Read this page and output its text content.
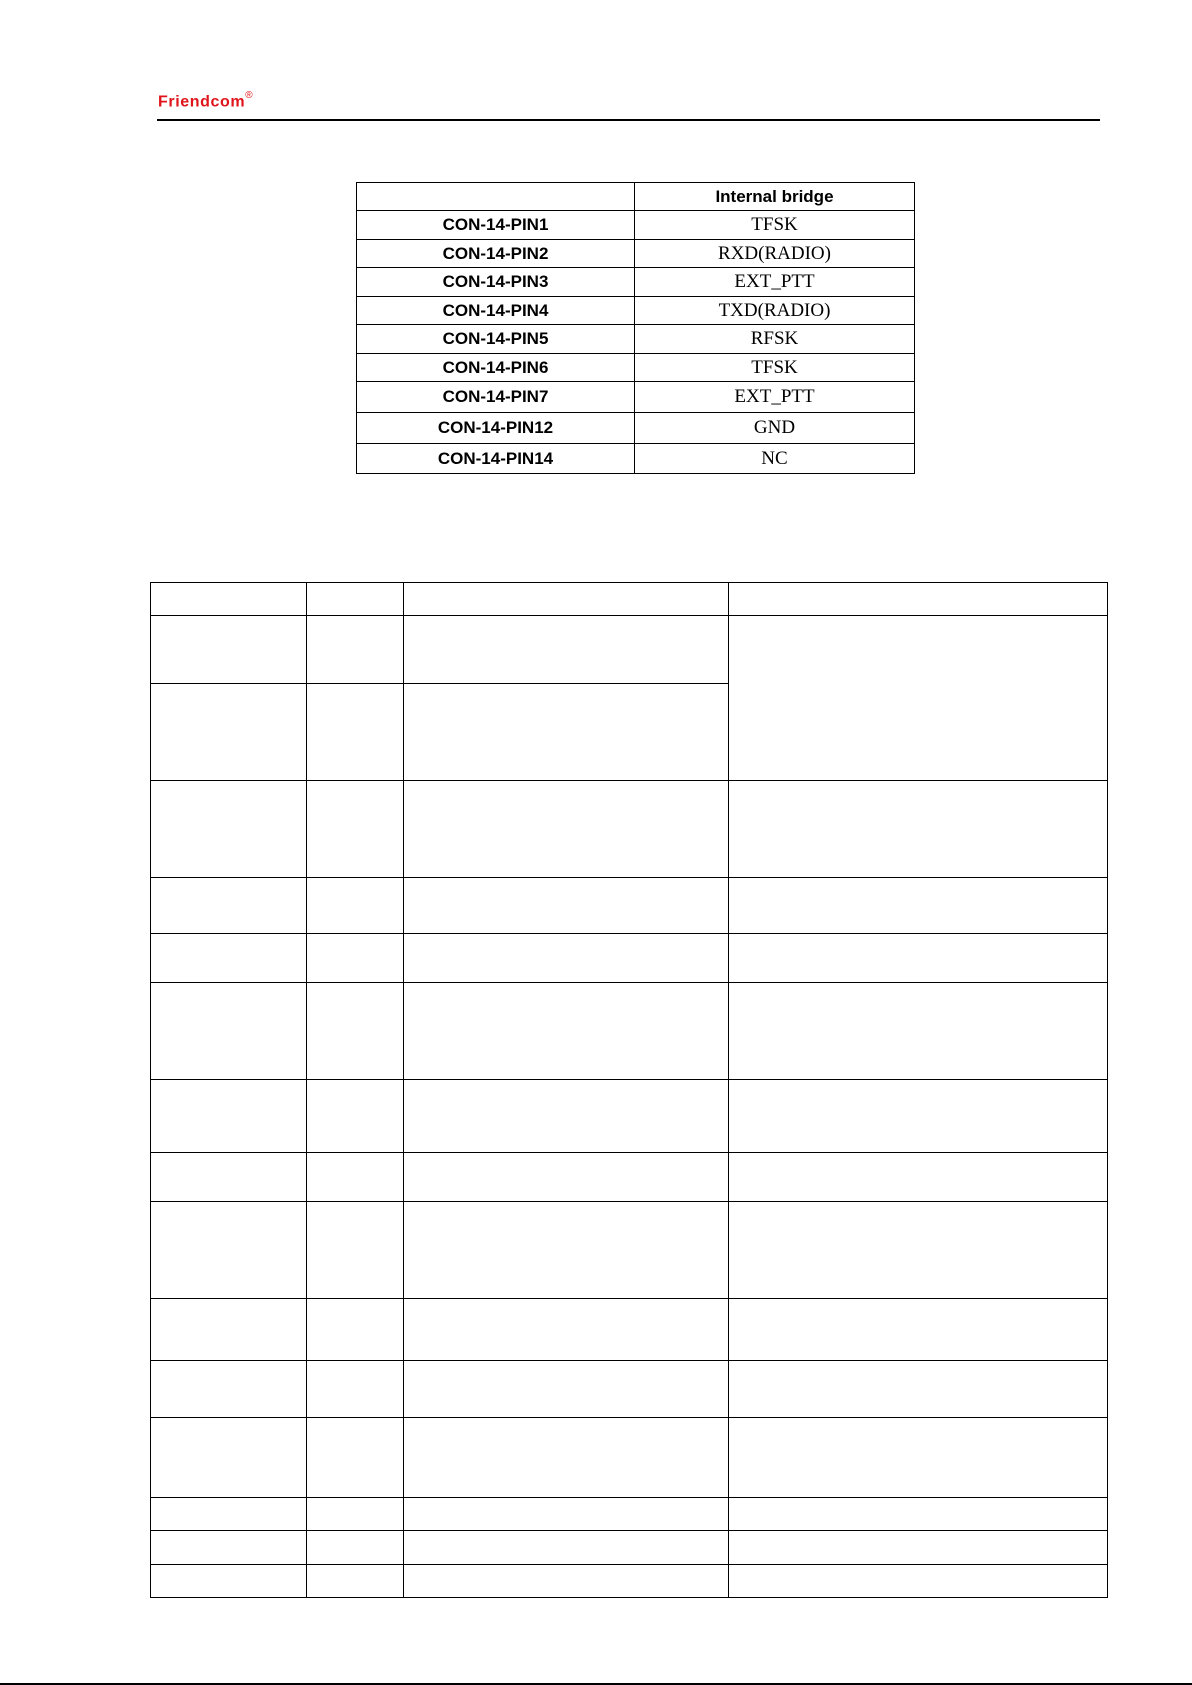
Friendcom®
	Internal bridge
CON-14-PIN1	TFSK
CON-14-PIN2	RXD(RADIO)
CON-14-PIN3	EXT_PTT
CON-14-PIN4	TXD(RADIO)
CON-14-PIN5	RFSK
CON-14-PIN6	TFSK
CON-14-PIN7	EXT_PTT
CON-14-PIN12	GND
CON-14-PIN14	NC
